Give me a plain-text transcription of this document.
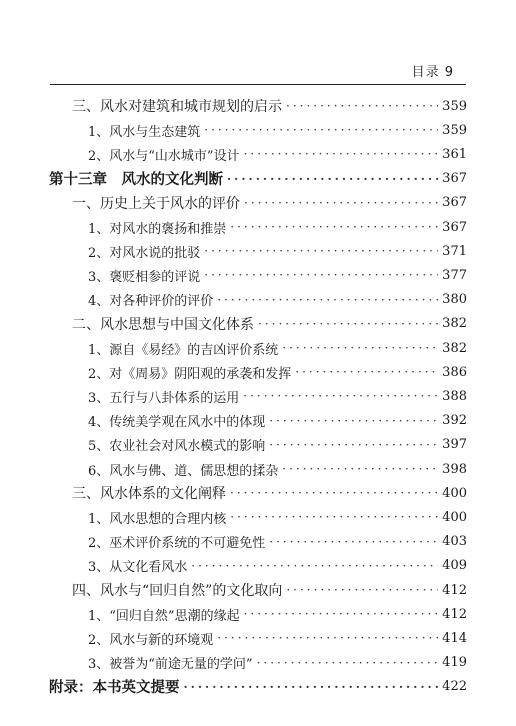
目录 9
三、风水对建筑和城市规划的启示 ·····	359
1、风水与生态建筑 ·····	359
2、风水与“山水城市”设计 ·····	361
第十三章　风水的文化判断 ·····	367
一、历史上关于风水的评价 ·····	367
1、对风水的褒扬和推崇 ·····	367
2、对风水说的批驳 ·····	371
3、褒贬相参的评说 ·····	377
4、对各种评价的评价 ·····	380
二、风水思想与中国文化体系 ·····	382
1、源自《易经》的吉凶评价系统 ·····	382
2、对《周易》阴阳观的承袭和发挥 ·····	386
3、五行与八卦体系的运用 ·····	388
4、传统美学观在风水中的体现 ·····	392
5、农业社会对风水模式的影响 ·····	397
6、风水与佛、道、儒思想的揉杂 ·····	398
三、风水体系的文化阐释 ·····	400
1、风水思想的合理内核 ·····	400
2、巫术评价系统的不可避免性 ·····	403
3、从文化看风水 ·····	409
四、风水与“回归自然”的文化取向 ·····	412
1、“回归自然”思潮的缘起 ·····	412
2、风水与新的环境观 ·····	414
3、被誉为“前途无量的学问” ·····	419
附录：本书英文提要 ·····	422
